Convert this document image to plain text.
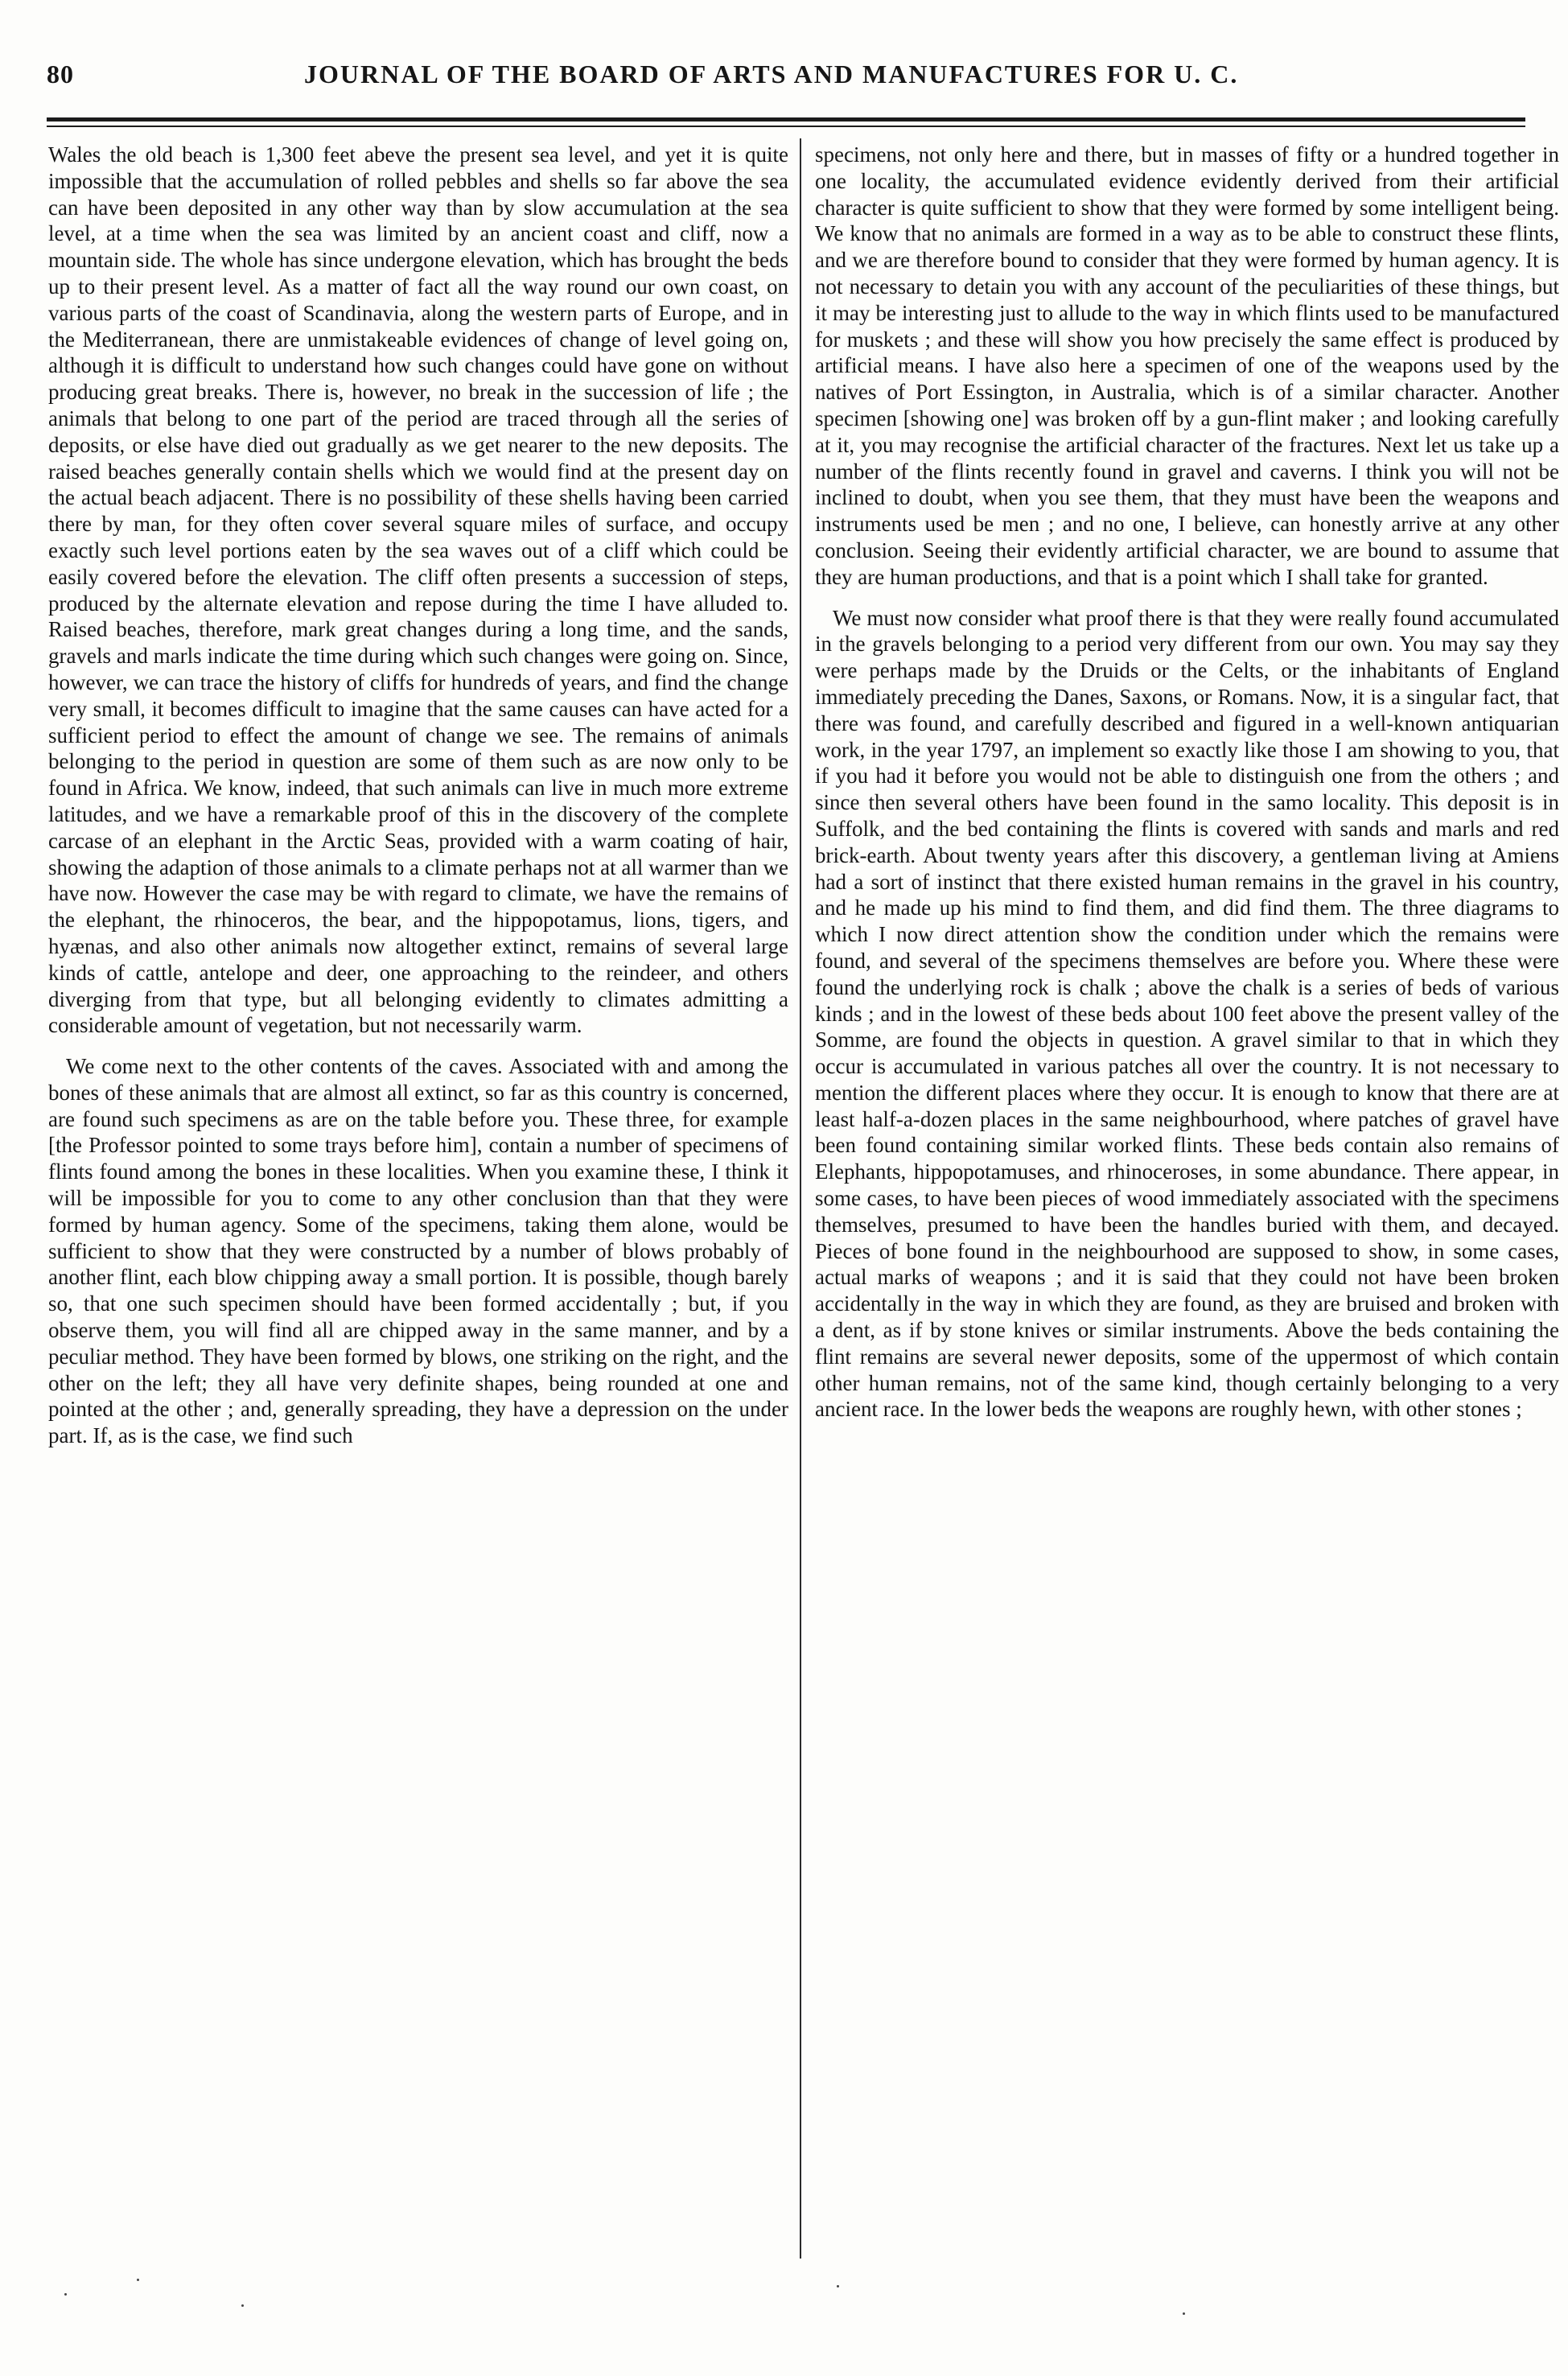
80	JOURNAL OF THE BOARD OF ARTS AND MANUFACTURES FOR U. C.

Wales the old beach is 1,300 feet abeve the present sea level, and yet it is quite impossible that the accumulation of rolled pebbles and shells so far above the sea can have been deposited in any other way than by slow accumulation at the sea level, at a time when the sea was limited by an ancient coast and cliff, now a mountain side. The whole has since undergone elevation, which has brought the beds up to their present level. As a matter of fact all the way round our own coast, on various parts of the coast of Scandinavia, along the western parts of Europe, and in the Mediterranean, there are unmistakeable evidences of change of level going on, although it is difficult to understand how such changes could have gone on without producing great breaks. There is, however, no break in the succession of life ; the animals that belong to one part of the period are traced through all the series of deposits, or else have died out gradually as we get nearer to the new deposits. The raised beaches generally contain shells which we would find at the present day on the actual beach adjacent. There is no possibility of these shells having been carried there by man, for they often cover several square miles of surface, and occupy exactly such level portions eaten by the sea waves out of a cliff which could be easily covered before the elevation. The cliff often presents a succession of steps, produced by the alternate elevation and repose during the time I have alluded to. Raised beaches, therefore, mark great changes during a long time, and the sands, gravels and marls indicate the time during which such changes were going on. Since, however, we can trace the history of cliffs for hundreds of years, and find the change very small, it becomes difficult to imagine that the same causes can have acted for a sufficient period to effect the amount of change we see. The remains of animals belonging to the period in question are some of them such as are now only to be found in Africa. We know, indeed, that such animals can live in much more extreme latitudes, and we have a remarkable proof of this in the discovery of the complete carcase of an elephant in the Arctic Seas, provided with a warm coating of hair, showing the adaption of those animals to a climate perhaps not at all warmer than we have now. However the case may be with regard to climate, we have the remains of the elephant, the rhinoceros, the bear, and the hippopotamus, lions, tigers, and hyænas, and also other animals now altogether extinct, remains of several large kinds of cattle, antelope and deer, one approaching to the reindeer, and others diverging from that type, but all belonging evidently to climates admitting a considerable amount of vegetation, but not necessarily warm.

We come next to the other contents of the caves. Associated with and among the bones of these animals that are almost all extinct, so far as this country is concerned, are found such specimens as are on the table before you. These three, for example [the Professor pointed to some trays before him], contain a number of specimens of flints found among the bones in these localities. When you examine these, I think it will be impossible for you to come to any other conclusion than that they were formed by human agency. Some of the specimens, taking them alone, would be sufficient to show that they were constructed by a number of blows probably of another flint, each blow chipping away a small portion. It is possible, though barely so, that one such specimen should have been formed accidentally ; but, if you observe them, you will find all are chipped away in the same manner, and by a peculiar method. They have been formed by blows, one striking on the right, and the other on the left; they all have very definite shapes, being rounded at one and pointed at the other ; and, generally spreading, they have a depression on the under part. If, as is the case, we find such

specimens, not only here and there, but in masses of fifty or a hundred together in one locality, the accumulated evidence evidently derived from their artificial character is quite sufficient to show that they were formed by some intelligent being. We know that no animals are formed in a way as to be able to construct these flints, and we are therefore bound to consider that they were formed by human agency. It is not necessary to detain you with any account of the peculiarities of these things, but it may be interesting just to allude to the way in which flints used to be manufactured for muskets ; and these will show you how precisely the same effect is produced by artificial means. I have also here a specimen of one of the weapons used by the natives of Port Essington, in Australia, which is of a similar character. Another specimen [showing one] was broken off by a gun-flint maker ; and looking carefully at it, you may recognise the artificial character of the fractures. Next let us take up a number of the flints recently found in gravel and caverns. I think you will not be inclined to doubt, when you see them, that they must have been the weapons and instruments used be men ; and no one, I believe, can honestly arrive at any other conclusion. Seeing their evidently artificial character, we are bound to assume that they are human productions, and that is a point which I shall take for granted.

We must now consider what proof there is that they were really found accumulated in the gravels belonging to a period very different from our own. You may say they were perhaps made by the Druids or the Celts, or the inhabitants of England immediately preceding the Danes, Saxons, or Romans. Now, it is a singular fact, that there was found, and carefully described and figured in a well-known antiquarian work, in the year 1797, an implement so exactly like those I am showing to you, that if you had it before you would not be able to distinguish one from the others ; and since then several others have been found in the samo locality. This deposit is in Suffolk, and the bed containing the flints is covered with sands and marls and red brick-earth. About twenty years after this discovery, a gentleman living at Amiens had a sort of instinct that there existed human remains in the gravel in his country, and he made up his mind to find them, and did find them. The three diagrams to which I now direct attention show the condition under which the remains were found, and several of the specimens themselves are before you. Where these were found the underlying rock is chalk ; above the chalk is a series of beds of various kinds ; and in the lowest of these beds about 100 feet above the present valley of the Somme, are found the objects in question. A gravel similar to that in which they occur is accumulated in various patches all over the country. It is not necessary to mention the different places where they occur. It is enough to know that there are at least half-a-dozen places in the same neighbourhood, where patches of gravel have been found containing similar worked flints. These beds contain also remains of Elephants, hippopotamuses, and rhinoceroses, in some abundance. There appear, in some cases, to have been pieces of wood immediately associated with the specimens themselves, presumed to have been the handles buried with them, and decayed. Pieces of bone found in the neighbourhood are supposed to show, in some cases, actual marks of weapons ; and it is said that they could not have been broken accidentally in the way in which they are found, as they are bruised and broken with a dent, as if by stone knives or similar instruments. Above the beds containing the flint remains are several newer deposits, some of the uppermost of which contain other human remains, not of the same kind, though certainly belonging to a very ancient race. In the lower beds the weapons are roughly hewn, with other stones ;
